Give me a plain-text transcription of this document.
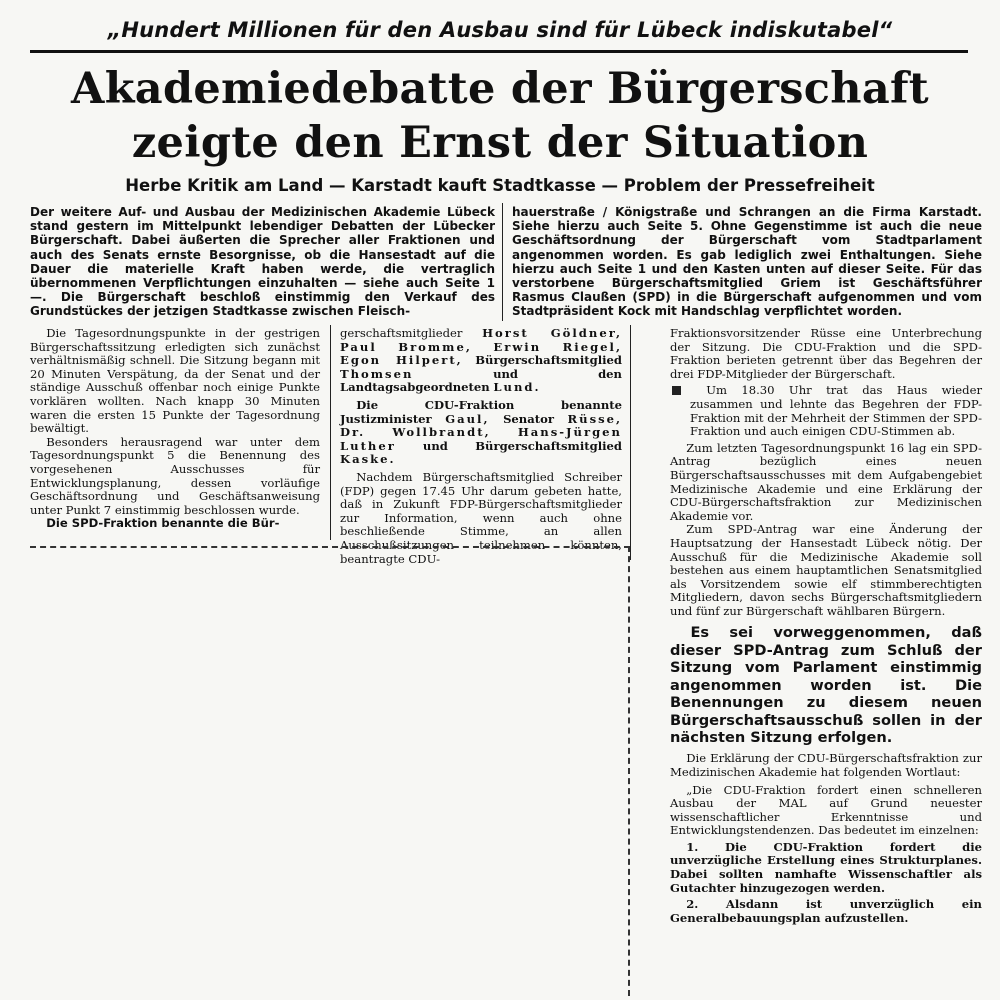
„Hundert Millionen für den Ausbau sind für Lübeck indiskutabel“
Akademiedebatte der Bürgerschaft
zeigte den Ernst der Situation
Herbe Kritik am Land — Karstadt kauft Stadtkasse — Problem der Pressefreiheit

Der weitere Auf- und Ausbau der Medizinischen Akademie Lübeck stand gestern im Mittelpunkt lebendiger Debatten der Lübecker Bürgerschaft. Dabei äußerten die Sprecher aller Fraktionen und auch des Senats ernste Besorgnisse, ob die Hansestadt auf die Dauer die materielle Kraft haben werde, die vertraglich übernommenen Verpflichtungen einzuhalten — siehe auch Seite 1 —. Die Bürgerschaft beschloß einstimmig den Verkauf des Grundstückes der jetzigen Stadtkasse zwischen Fleisch-

hauerstraße / Königstraße und Schrangen an die Firma Karstadt. Siehe hierzu auch Seite 5. Ohne Gegenstimme ist auch die neue Geschäftsordnung der Bürgerschaft vom Stadtparlament angenommen worden. Es gab lediglich zwei Enthaltungen. Siehe hierzu auch Seite 1 und den Kasten unten auf dieser Seite. Für das verstorbene Bürgerschaftsmitglied Griem ist Geschäftsführer Rasmus Claußen (SPD) in die Bürgerschaft aufgenommen und vom Stadtpräsident Kock mit Handschlag verpflichtet worden.

Die Tagesordnungspunkte in der gestrigen Bürgerschaftssitzung erledigten sich zunächst verhältnismäßig schnell. Die Sitzung begann mit 20 Minuten Verspätung, da der Senat und der ständige Ausschuß offenbar noch einige Punkte vorklären wollten. Nach knapp 30 Minuten waren die ersten 15 Punkte der Tagesordnung bewältigt.

Besonders herausragend war unter dem Tagesordnungspunkt 5 die Benennung des vorgesehenen Ausschusses für Entwicklungsplanung, dessen vorläufige Geschäftsordnung und Geschäftsanweisung unter Punkt 7 einstimmig beschlossen wurde.

Die SPD-Fraktion benannte die Bür-

gerschaftsmitglieder Horst Göldner, Paul Bromme, Erwin Riegel, Egon Hilpert, Bürgerschaftsmitglied Thomsen	und den Landtagsabgeordneten Lund.

Die CDU-Fraktion benannte Justizminister Gaul, Senator Rüsse, Dr. Wollbrandt, Hans-Jürgen Luther und Bürgerschaftsmitglied Kaske.

Nachdem Bürgerschaftsmitglied Schreiber (FDP) gegen 17.45 Uhr darum gebeten hatte, daß in Zukunft FDP-Bürgerschaftsmitglieder zur Information, wenn auch ohne beschließende Stimme, an allen Ausschußsitzungen teilnehmen könnten, beantragte CDU-

Fraktionsvorsitzender Rüsse eine Unterbrechung der Sitzung. Die CDU-Fraktion und die SPD-Fraktion berieten getrennt über das Begehren der drei FDP-Mitglieder der Bürgerschaft.

Um 18.30 Uhr trat das Haus wieder zusammen und lehnte das Begehren der FDP-Fraktion mit der Mehrheit der Stimmen der SPD-Fraktion und auch einigen CDU-Stimmen ab.

Zum letzten Tagesordnungspunkt 16 lag ein SPD-Antrag bezüglich eines neuen Bürgerschaftsausschusses mit dem Aufgabengebiet Medizinische Akademie und eine Erklärung der CDU-Bürgerschaftsfraktion zur Medizinischen Akademie vor.

Zum SPD-Antrag war eine Änderung der Hauptsatzung der Hansestadt Lübeck nötig. Der Ausschuß für die Medizinische Akademie soll bestehen aus einem hauptamtlichen Senatsmitglied als Vorsitzendem sowie elf stimmberechtigten Mitgliedern, davon sechs Bürgerschaftsmitgliedern und fünf zur Bürgerschaft wählbaren Bürgern.

Es sei vorweggenommen, daß dieser SPD-Antrag zum Schluß der Sitzung vom Parlament einstimmig angenommen worden ist. Die Benennungen zu diesem neuen Bürgerschaftsausschuß sollen in der nächsten Sitzung erfolgen.

Die Erklärung der CDU-Bürgerschaftsfraktion zur Medizinischen Akademie hat folgenden Wortlaut:

„Die CDU-Fraktion fordert einen schnelleren Ausbau der MAL auf Grund neuester wissenschaftlicher Erkenntnisse und Entwicklungstendenzen. Das bedeutet im einzelnen:

1. Die CDU-Fraktion fordert die unverzügliche Erstellung eines Strukturplanes. Dabei sollten namhafte Wissenschaftler als Gutachter hinzugezogen werden.

2. Alsdann ist unverzüglich ein Generalbebauungsplan aufzustellen.
